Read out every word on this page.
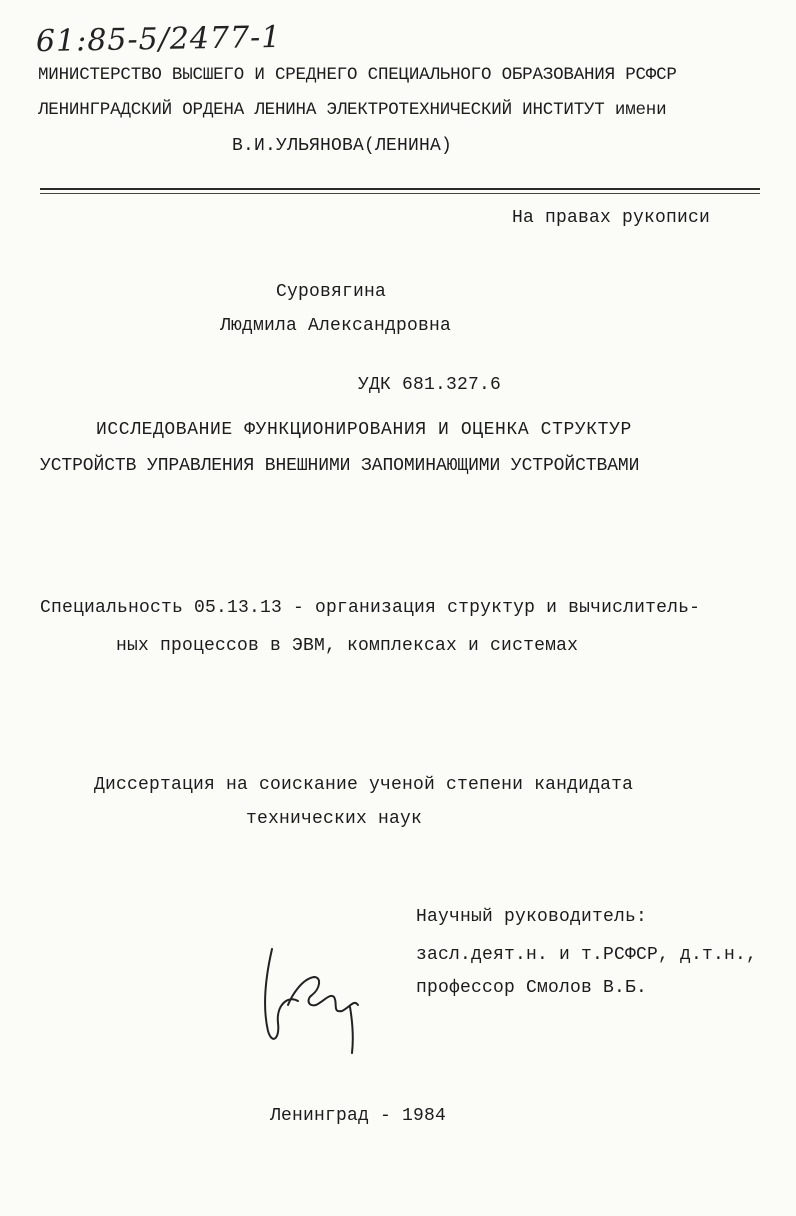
61:85-5/2477-1
МИНИСТЕРСТВО ВЫСШЕГО И СРЕДНЕГО СПЕЦИАЛЬНОГО ОБРАЗОВАНИЯ РСФСР
ЛЕНИНГРАДСКИЙ ОРДЕНА ЛЕНИНА ЭЛЕКТРОТЕХНИЧЕСКИЙ ИНСТИТУТ имени
В.И.УЛЬЯНОВА(ЛЕНИНА)
На правах рукописи
Суровягина
Людмила Александровна
УДК 681.327.6
ИССЛЕДОВАНИЕ ФУНКЦИОНИРОВАНИЯ И ОЦЕНКА СТРУКТУР
УСТРОЙСТВ УПРАВЛЕНИЯ ВНЕШНИМИ ЗАПОМИНАЮЩИМИ УСТРОЙСТВАМИ
Специальность 05.13.13 - организация структур и вычислитель-
ных процессов в ЭВМ, комплексах и системах
Диссертация на соискание ученой степени кандидата
технических наук
Научный руководитель:
засл.деят.н. и т.РСФСР, д.т.н.,
профессор Смолов В.Б.
Ленинград - 1984
